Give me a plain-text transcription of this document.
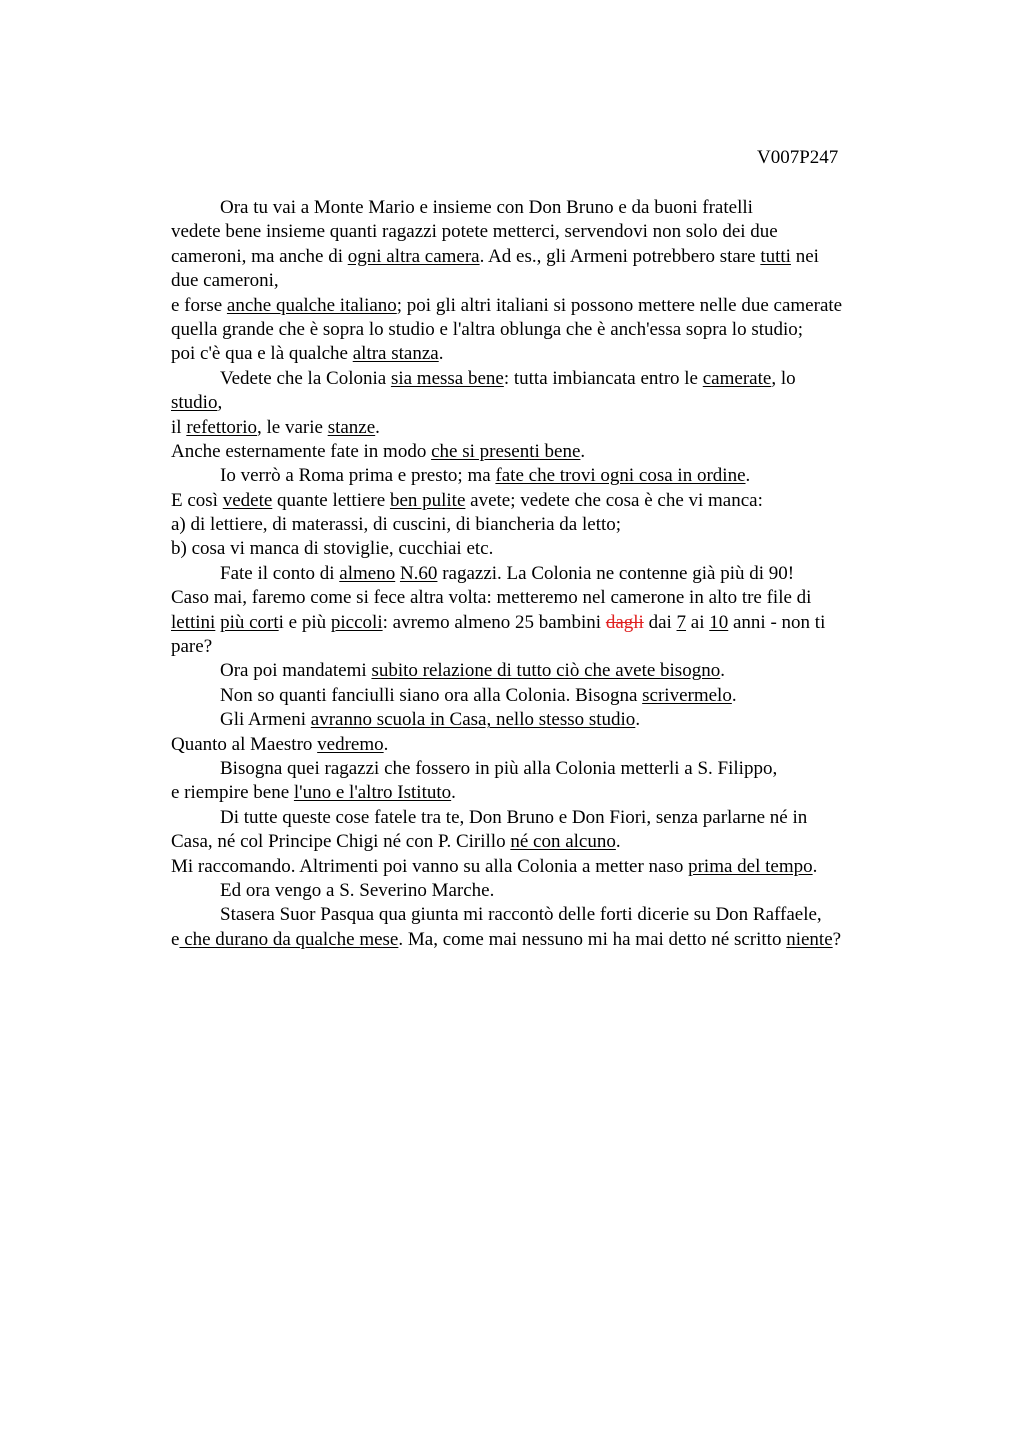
V007P247
Ora tu vai a Monte Mario e insieme con Don Bruno e da buoni fratelli
vedete bene insieme quanti ragazzi potete metterci, servendovi non solo dei due
cameroni, ma anche di ogni altra camera. Ad es., gli Armeni potrebbero stare tutti nei
due cameroni,
e forse anche qualche italiano; poi gli altri italiani si possono mettere nelle due camerate
quella grande che è sopra lo studio e l'altra oblunga che è anch'essa sopra lo studio;
poi c'è qua e là qualche altra stanza.
Vedete che la Colonia sia messa bene: tutta imbiancata entro le camerate, lo
studio,
il refettorio, le varie stanze.
Anche esternamente fate in modo che si presenti bene.
Io verrò a Roma prima e presto; ma fate che trovi ogni cosa in ordine.
E così vedete quante lettiere ben pulite avete; vedete che cosa è che vi manca:
a) di lettiere, di materassi, di cuscini, di biancheria da letto;
b) cosa vi manca di stoviglie, cucchiai etc.
Fate il conto di almeno N.60 ragazzi. La Colonia ne contenne già più di 90!
Caso mai, faremo come si fece altra volta: metteremo nel camerone in alto tre file di
lettini più corti e più piccoli: avremo almeno 25 bambini dagli dai 7 ai 10 anni - non ti
pare?
Ora poi mandatemi subito relazione di tutto ciò che avete bisogno.
Non so quanti fanciulli siano ora alla Colonia. Bisogna scrivermelo.
Gli Armeni avranno scuola in Casa, nello stesso studio.
Quanto al Maestro vedremo.
Bisogna quei ragazzi che fossero in più alla Colonia metterli a S. Filippo,
e riempire bene l'uno e l'altro Istituto.
Di tutte queste cose fatele tra te, Don Bruno e Don Fiori, senza parlarne né in
Casa, né col Principe Chigi né con P. Cirillo né con alcuno.
Mi raccomando. Altrimenti poi vanno su alla Colonia a metter naso prima del tempo.
Ed ora vengo a S. Severino Marche.
Stasera Suor Pasqua qua giunta mi raccontò delle forti dicerie su Don Raffaele,
e che durano da qualche mese. Ma, come mai nessuno mi ha mai detto né scritto niente?
